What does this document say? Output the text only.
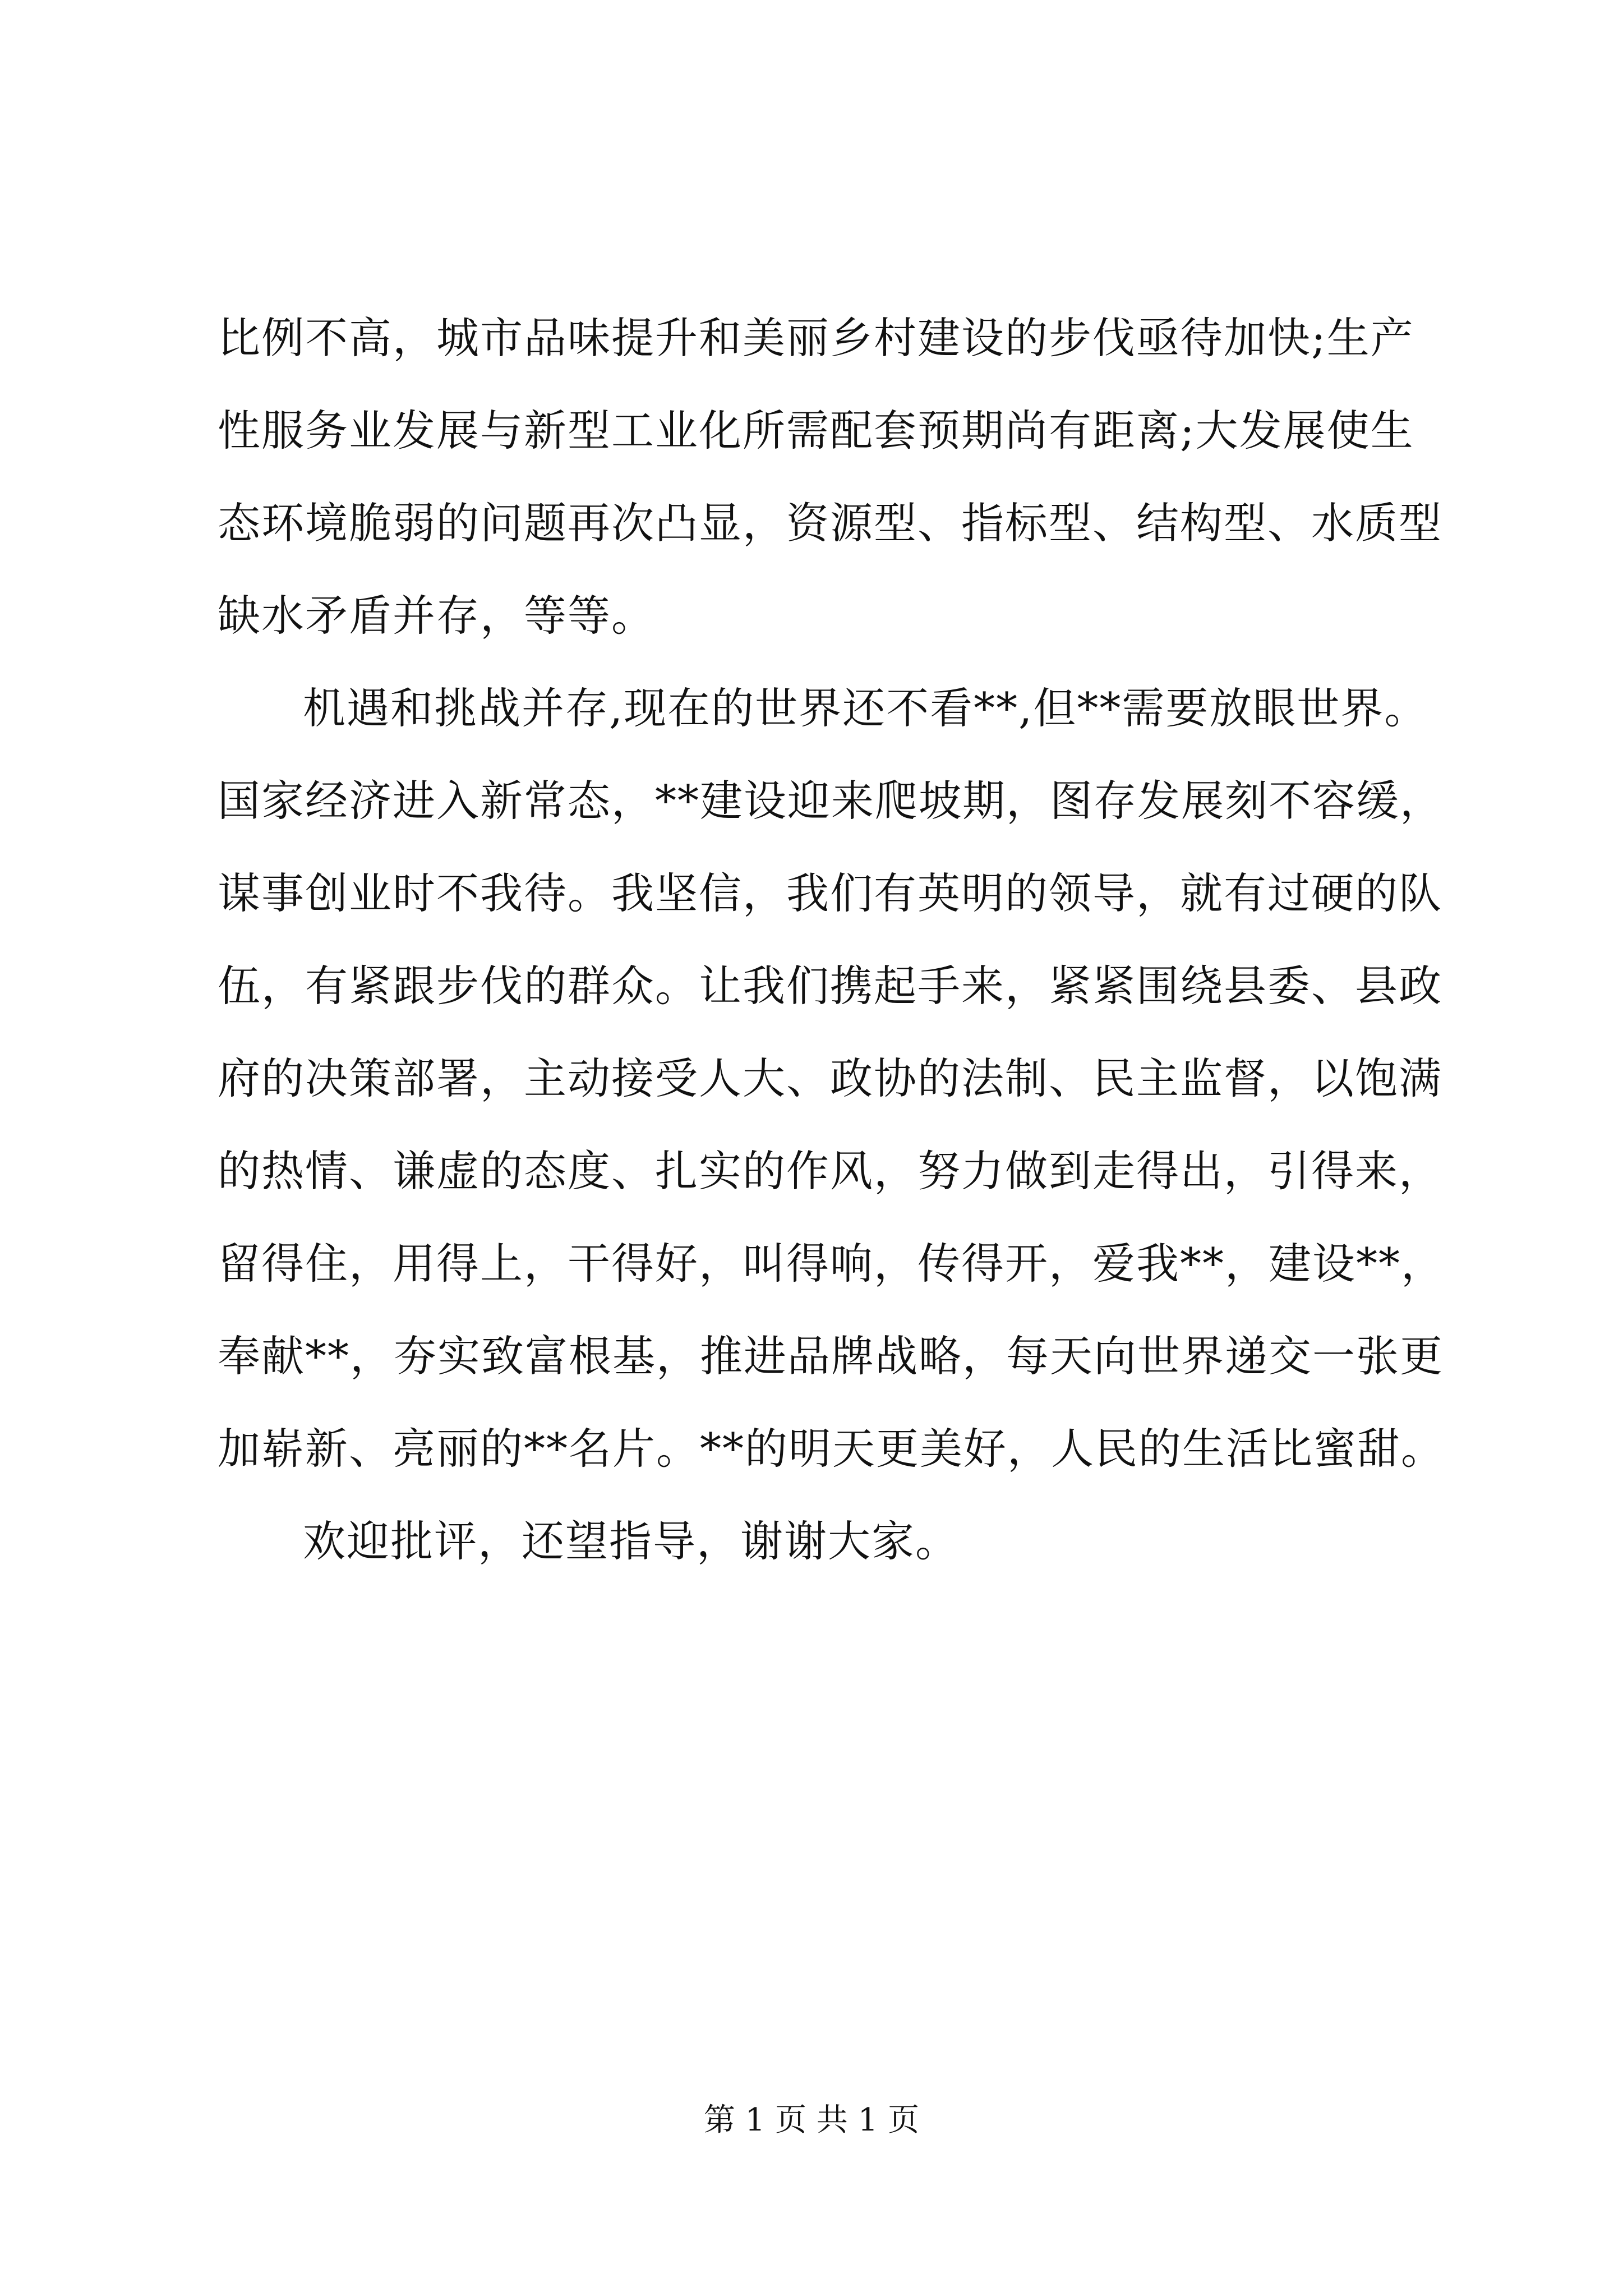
比例不高，城市品味提升和美丽乡村建设的步伐亟待加快;生产
性服务业发展与新型工业化所需配套预期尚有距离;大发展使生
态环境脆弱的问题再次凸显，资源型、指标型、结构型、水质型
缺水矛盾并存，等等。
机遇和挑战并存,现在的世界还不看**,但**需要放眼世界。
国家经济进入新常态，**建设迎来爬坡期，图存发展刻不容缓，
谋事创业时不我待。我坚信，我们有英明的领导，就有过硬的队
伍，有紧跟步伐的群众。让我们携起手来，紧紧围绕县委、县政
府的决策部署，主动接受人大、政协的法制、民主监督，以饱满
的热情、谦虚的态度、扎实的作风，努力做到走得出，引得来，
留得住，用得上，干得好，叫得响，传得开，爱我**，建设**，
奉献**，夯实致富根基，推进品牌战略，每天向世界递交一张更
加崭新、亮丽的**名片。**的明天更美好，人民的生活比蜜甜。
欢迎批评，还望指导，谢谢大家。
第 1 页 共 1 页
